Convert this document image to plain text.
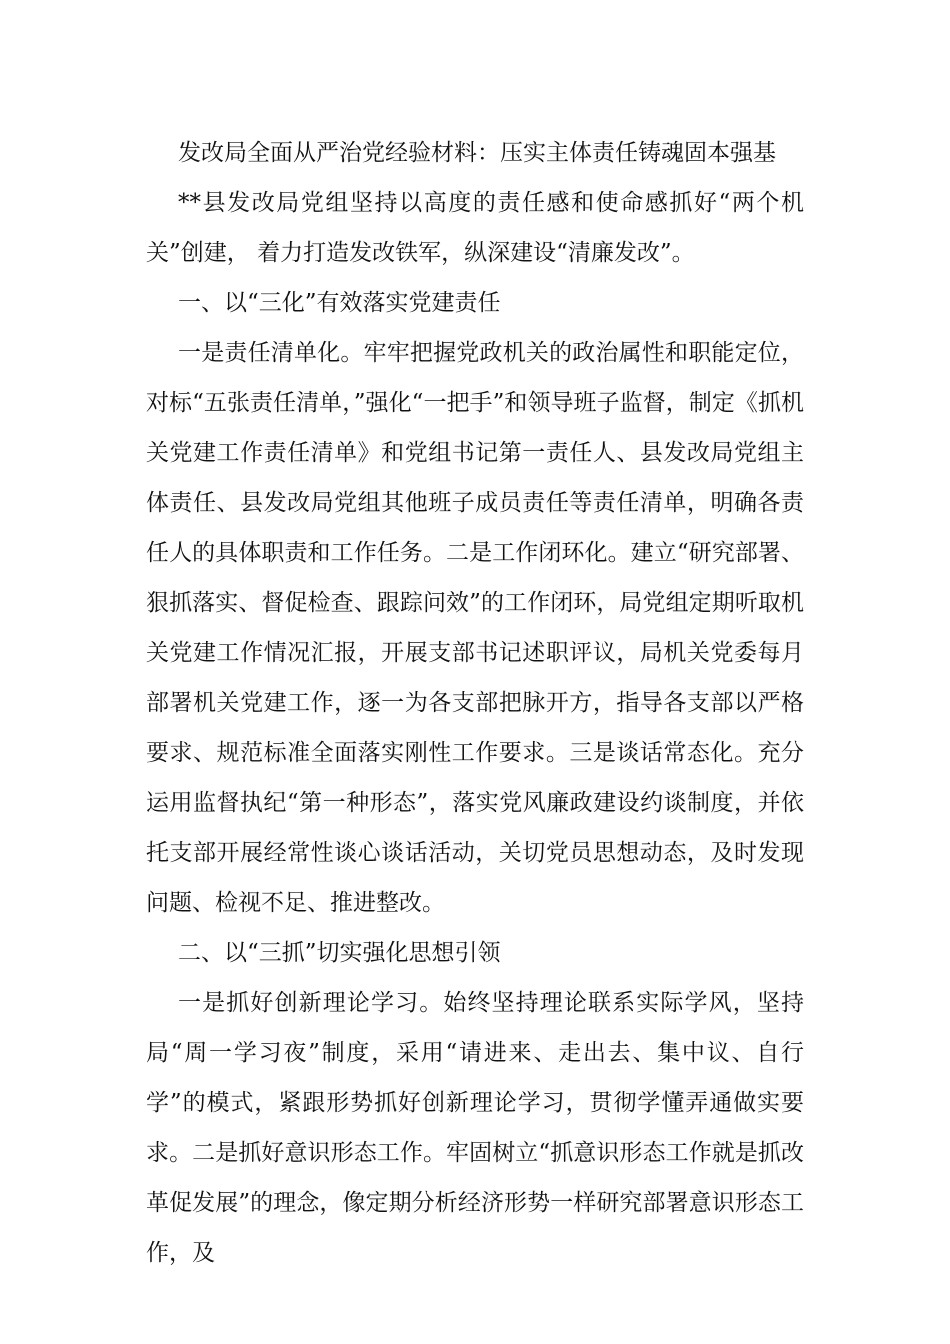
发改局全面从严治党经验材料：压实主体责任铸魂固本强基

**县发改局党组坚持以高度的责任感和使命感抓好“两个机关”创建， 着力打造发改铁军，纵深建设“清廉发改”。

一、以“三化”有效落实党建责任

一是责任清单化。牢牢把握党政机关的政治属性和职能定位，对标“五张责任清单，”强化“一把手”和领导班子监督，制定《抓机关党建工作责任清单》和党组书记第一责任人、县发改局党组主体责任、县发改局党组其他班子成员责任等责任清单，明确各责任人的具体职责和工作任务。二是工作闭环化。建立“研究部署、狠抓落实、督促检查、跟踪问效”的工作闭环，局党组定期听取机关党建工作情况汇报，开展支部书记述职评议，局机关党委每月部署机关党建工作，逐一为各支部把脉开方，指导各支部以严格要求、规范标准全面落实刚性工作要求。三是谈话常态化。充分运用监督执纪“第一种形态”，落实党风廉政建设约谈制度，并依托支部开展经常性谈心谈话活动，关切党员思想动态，及时发现问题、检视不足、推进整改。

二、以“三抓”切实强化思想引领

一是抓好创新理论学习。始终坚持理论联系实际学风，坚持局“周一学习夜”制度，采用“请进来、走出去、集中议、自行学”的模式，紧跟形势抓好创新理论学习，贯彻学懂弄通做实要求。二是抓好意识形态工作。牢固树立“抓意识形态工作就是抓改革促发展”的理念，像定期分析经济形势一样研究部署意识形态工作，及
